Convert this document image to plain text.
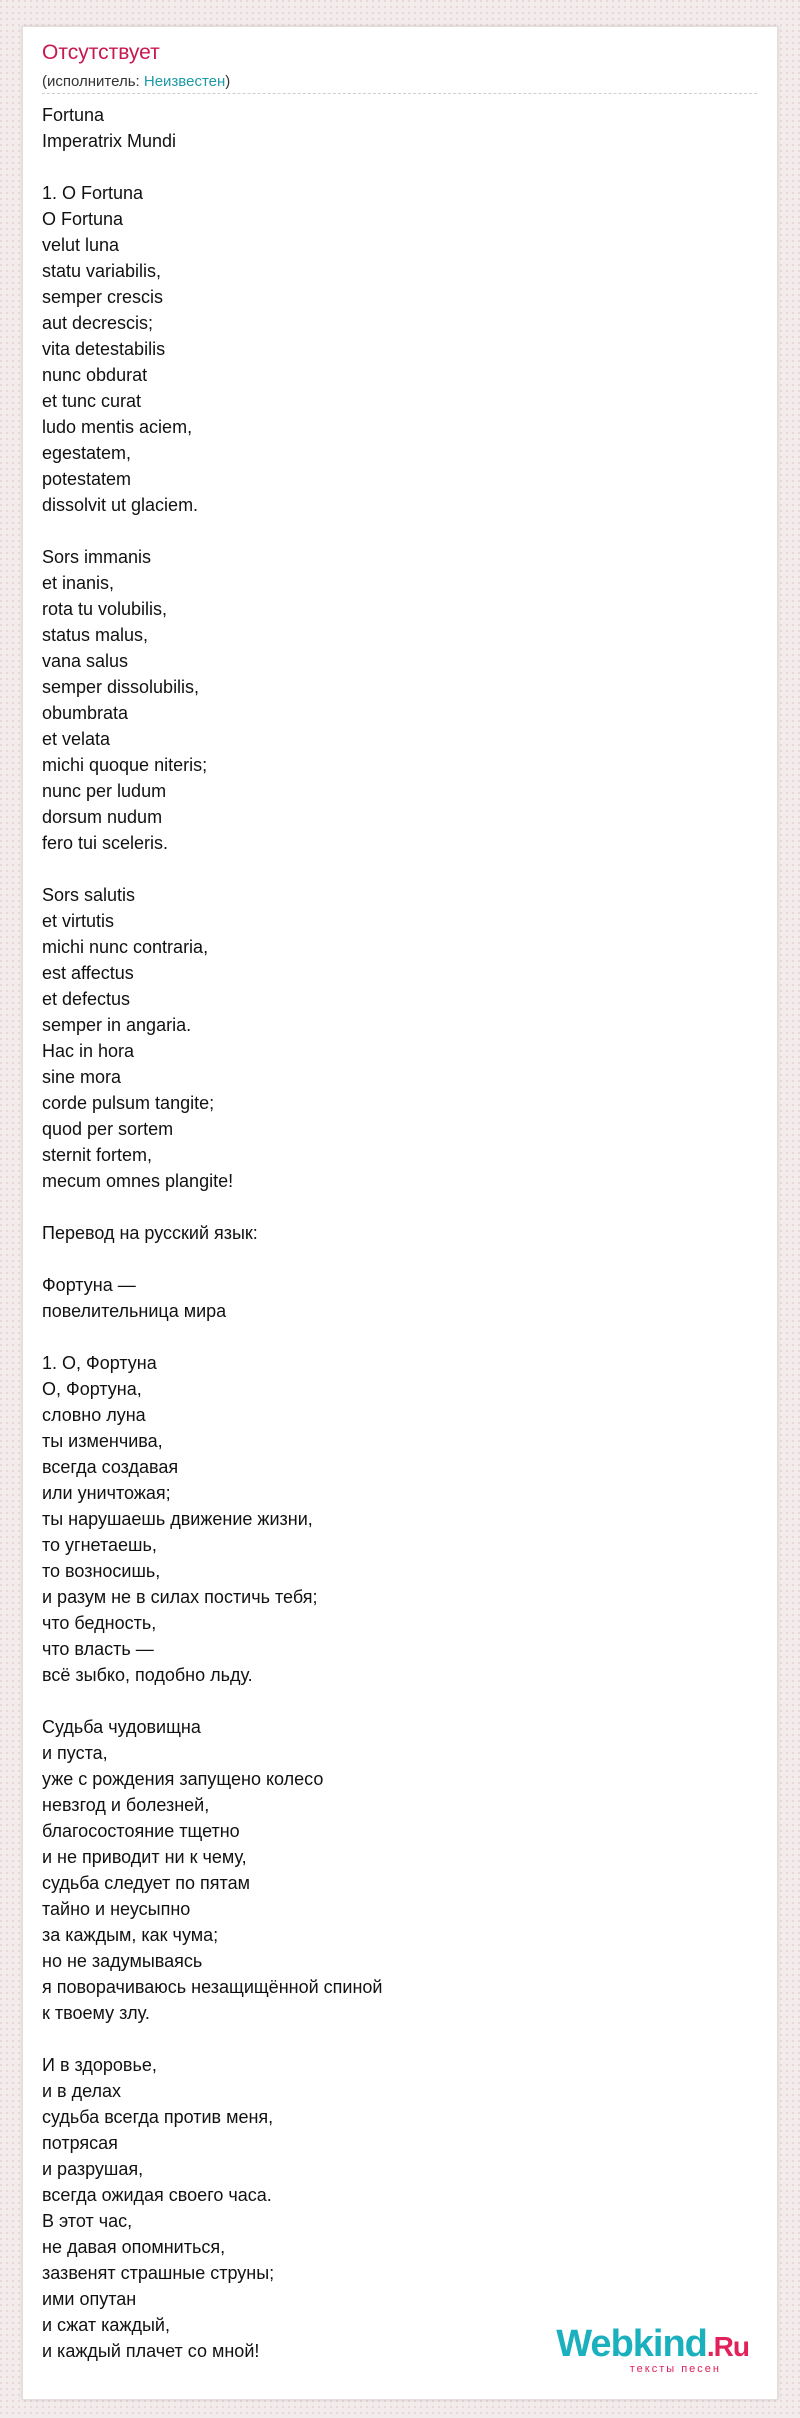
Отсутствует
(исполнитель: Неизвестен)
Fortuna
Imperatrix Mundi

1. O Fortuna
O Fortuna
velut luna
statu variabilis,
semper crescis
aut decrescis;
vita detestabilis
nunc obdurat
et tunc curat
ludo mentis aciem,
egestatem,
potestatem
dissolvit ut glaciem.

Sors immanis
et inanis,
rota tu volubilis,
status malus,
vana salus
semper dissolubilis,
obumbrata
et velata
michi quoque niteris;
nunc per ludum
dorsum nudum
fero tui sceleris.

Sors salutis
et virtutis
michi nunc contraria,
est affectus
et defectus
semper in angaria.
Hac in hora
sine mora
corde pulsum tangite;
quod per sortem
sternit fortem,
mecum omnes plangite!

Перевод на русский язык:

Фортуна —
повелительница мира

1. О, Фортуна
О, Фортуна,
словно луна
ты изменчива,
всегда создавая
или уничтожая;
ты нарушаешь движение жизни,
то угнетаешь,
то возносишь,
и разум не в силах постичь тебя;
что бедность,
что власть —
всё зыбко, подобно льду.

Судьба чудовищна
и пуста,
уже с рождения запущено колесо
невзгод и болезней,
благосостояние тщетно
и не приводит ни к чему,
судьба следует по пятам
тайно и неусыпно
за каждым, как чума;
но не задумываясь
я поворачиваюсь незащищённой спиной
к твоему злу.

И в здоровье,
и в делах
судьба всегда против меня,
потрясая
и разрушая,
всегда ожидая своего часа.
В этот час,
не давая опомниться,
зазвенят страшные струны;
ими опутан
и сжат каждый,
и каждый плачет со мной!	Webkind.Ru
тексты песен
